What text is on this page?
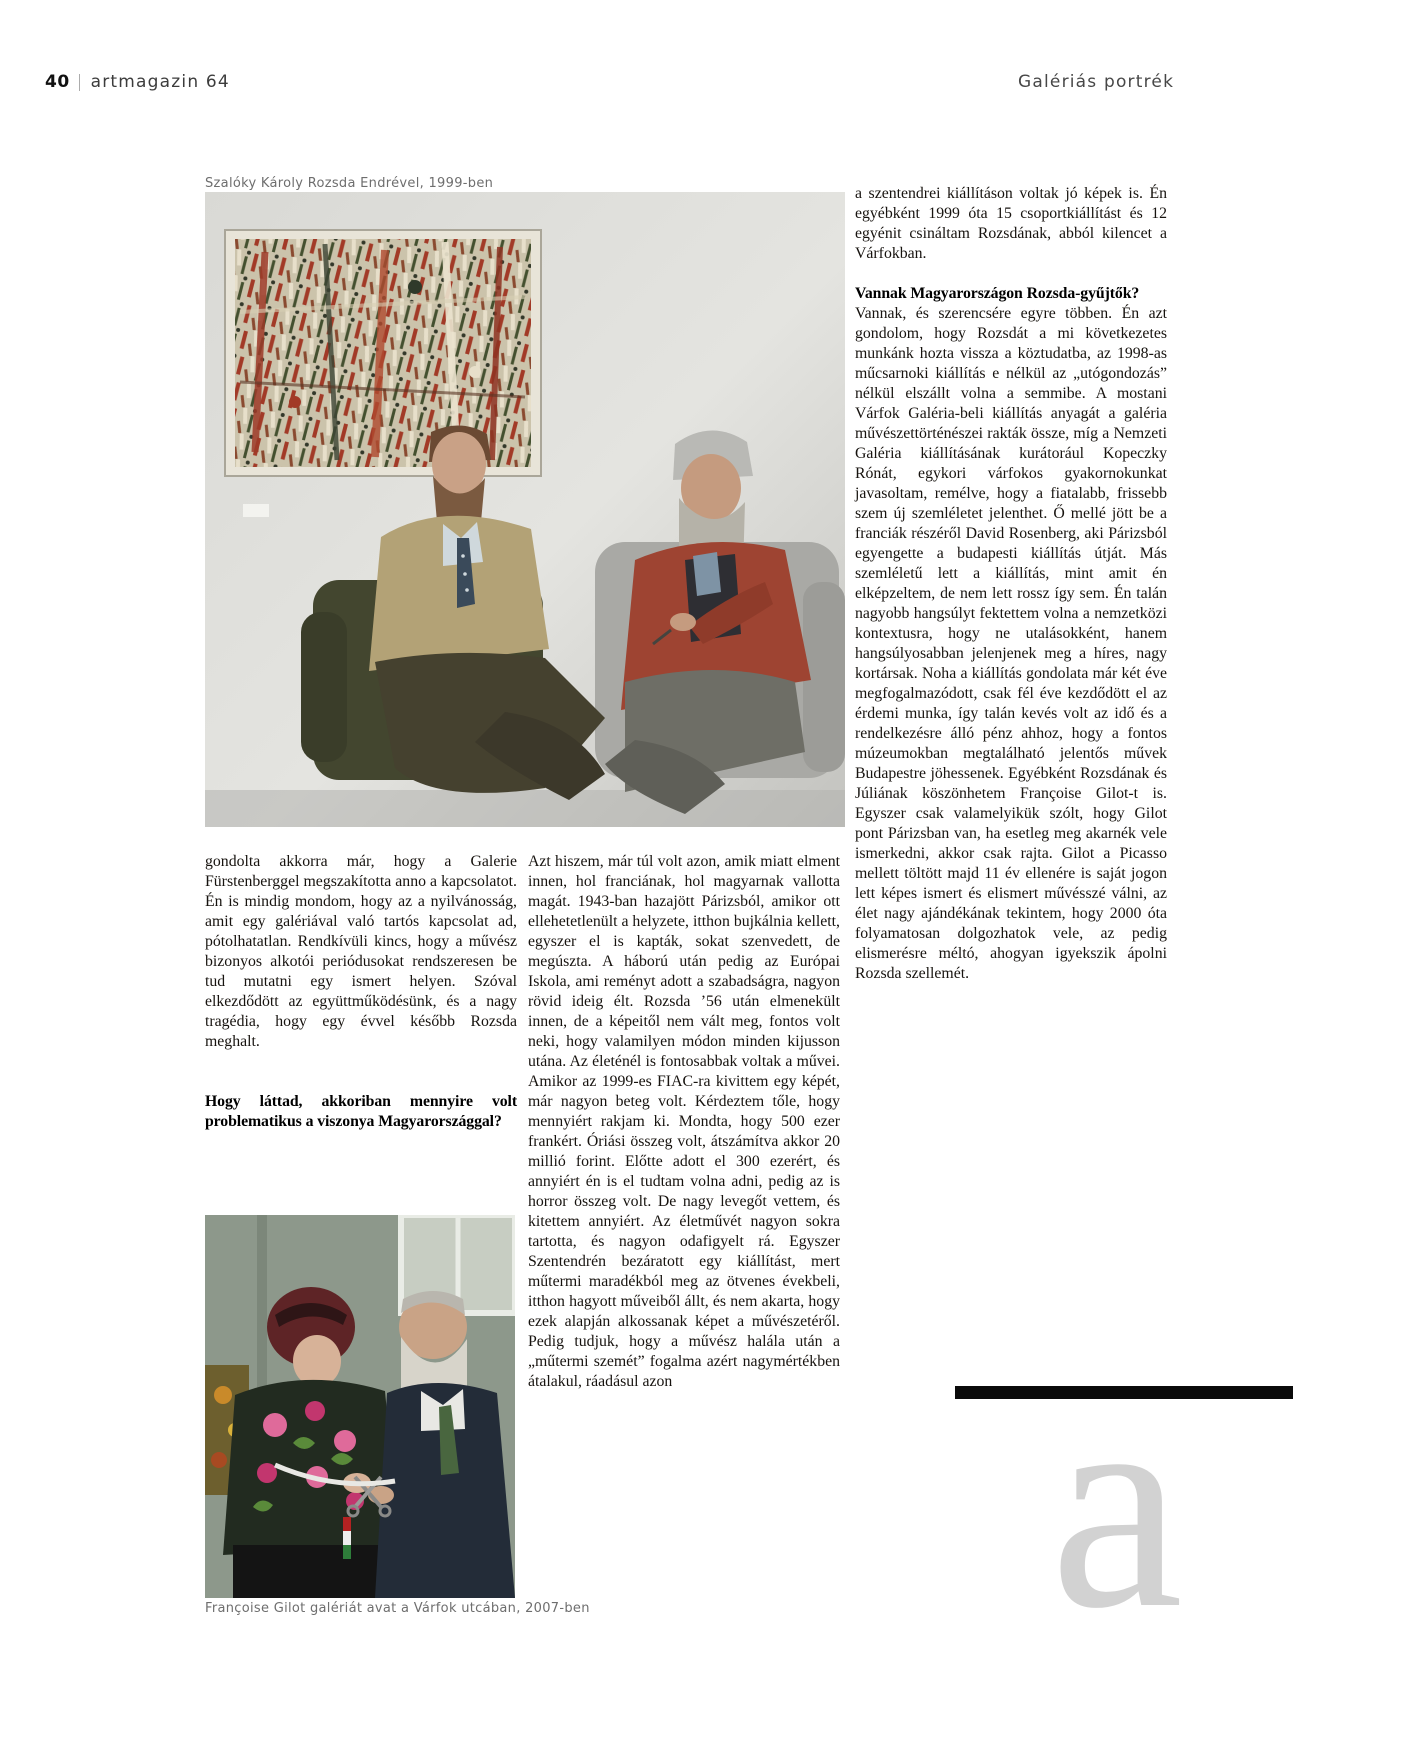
40 | artmagazin 64	Galériás portrék
Szalóky Károly Rozsda Endrével, 1999-ben

a szentendrei kiállításon voltak jó képek is. Én egyébként 1999 óta 15 csoportkiállítást és 12 egyénit csináltam Rozsdának, abból kilencet a Várfokban.

Vannak Magyarországon Rozsda-gyűjtők?

Vannak, és szerencsére egyre többen. Én azt gondolom, hogy Rozsdát a mi következetes munkánk hozta vissza a köztudatba, az 1998-as műcsarnoki kiállítás e nélkül az „utógondozás” nélkül elszállt volna a semmibe. A mostani Várfok Galéria-beli kiállítás anyagát a galéria művészettörténészei rakták össze, míg a Nemzeti Galéria kiállításának kurátorául Kopeczky Rónát, egykori várfokos gyakornokunkat javasoltam, remélve, hogy a fiatalabb, frissebb szem új szemléletet jelenthet. Ő mellé jött be a franciák részéről David Rosenberg, aki Párizsból egyengette a budapesti kiállítás útját. Más szemléletű lett a kiállítás, mint amit én elképzeltem, de nem lett rossz így sem. Én talán nagyobb hangsúlyt fektettem volna a nemzetközi kontextusra, hogy ne utalásokként, hanem hangsúlyosabban jelenjenek meg a híres, nagy kortársak. Noha a kiállítás gondolata már két éve megfogalmazódott, csak fél éve kezdődött el az érdemi munka, így talán kevés volt az idő és a rendelkezésre álló pénz ahhoz, hogy a fontos múzeumokban megtalálható jelentős művek Budapestre jöhessenek. Egyébként Rozsdának és Júliának köszönhetem Françoise Gilot-t is. Egyszer csak valamelyikük szólt, hogy Gilot pont Párizsban van, ha esetleg meg akarnék vele ismerkedni, akkor csak rajta. Gilot a Picasso mellett töltött majd 11 év ellenére is saját jogon lett képes ismert és elismert művésszé válni, az élet nagy ajándékának tekintem, hogy 2000 óta folyamatosan dolgozhatok vele, az pedig elismerésre méltó, ahogyan igyekszik ápolni Rozsda szellemét.

gondolta akkorra már, hogy a Galerie Fürstenberggel megszakította anno a kapcsolatot. Én is mindig mondom, hogy az a nyilvánosság, amit egy galériával való tartós kapcsolat ad, pótolhatatlan. Rendkívüli kincs, hogy a művész bizonyos alkotói periódusokat rendszeresen be tud mutatni egy ismert helyen. Szóval elkezdődött az együttműködésünk, és a nagy tragédia, hogy egy évvel később Rozsda meghalt.

Hogy láttad, akkoriban mennyire volt problematikus a viszonya Magyarországgal?

Azt hiszem, már túl volt azon, amik miatt elment innen, hol franciának, hol magyarnak vallotta magát. 1943-ban hazajött Párizsból, amikor ott ellehetetlenült a helyzete, itthon bujkálnia kellett, egyszer el is kapták, sokat szenvedett, de megúszta. A háború után pedig az Európai Iskola, ami reményt adott a szabadságra, nagyon rövid ideig élt. Rozsda ’56 után elmenekült innen, de a képeitől nem vált meg, fontos volt neki, hogy valamilyen módon minden kijusson utána. Az életénél is fontosabbak voltak a művei. Amikor az 1999-es FIAC-ra kivittem egy képét, már nagyon beteg volt. Kérdeztem tőle, hogy mennyiért rakjam ki. Mondta, hogy 500 ezer frankért. Óriási összeg volt, átszámítva akkor 20 millió forint. Előtte adott el 300 ezerért, és annyiért én is el tudtam volna adni, pedig az is horror összeg volt. De nagy levegőt vettem, és kitettem annyiért. Az életművét nagyon sokra tartotta, és nagyon odafigyelt rá. Egyszer Szentendrén bezáratott egy kiállítást, mert műtermi maradékból meg az ötvenes évekbeli, itthon hagyott műveiből állt, és nem akarta, hogy ezek alapján alkossanak képet a művészetéről. Pedig tudjuk, hogy a művész halála után a „műtermi szemét” fogalma azért nagymértékben átalakul, ráadásul azon

Françoise Gilot galériát avat a Várfok utcában, 2007-ben a
